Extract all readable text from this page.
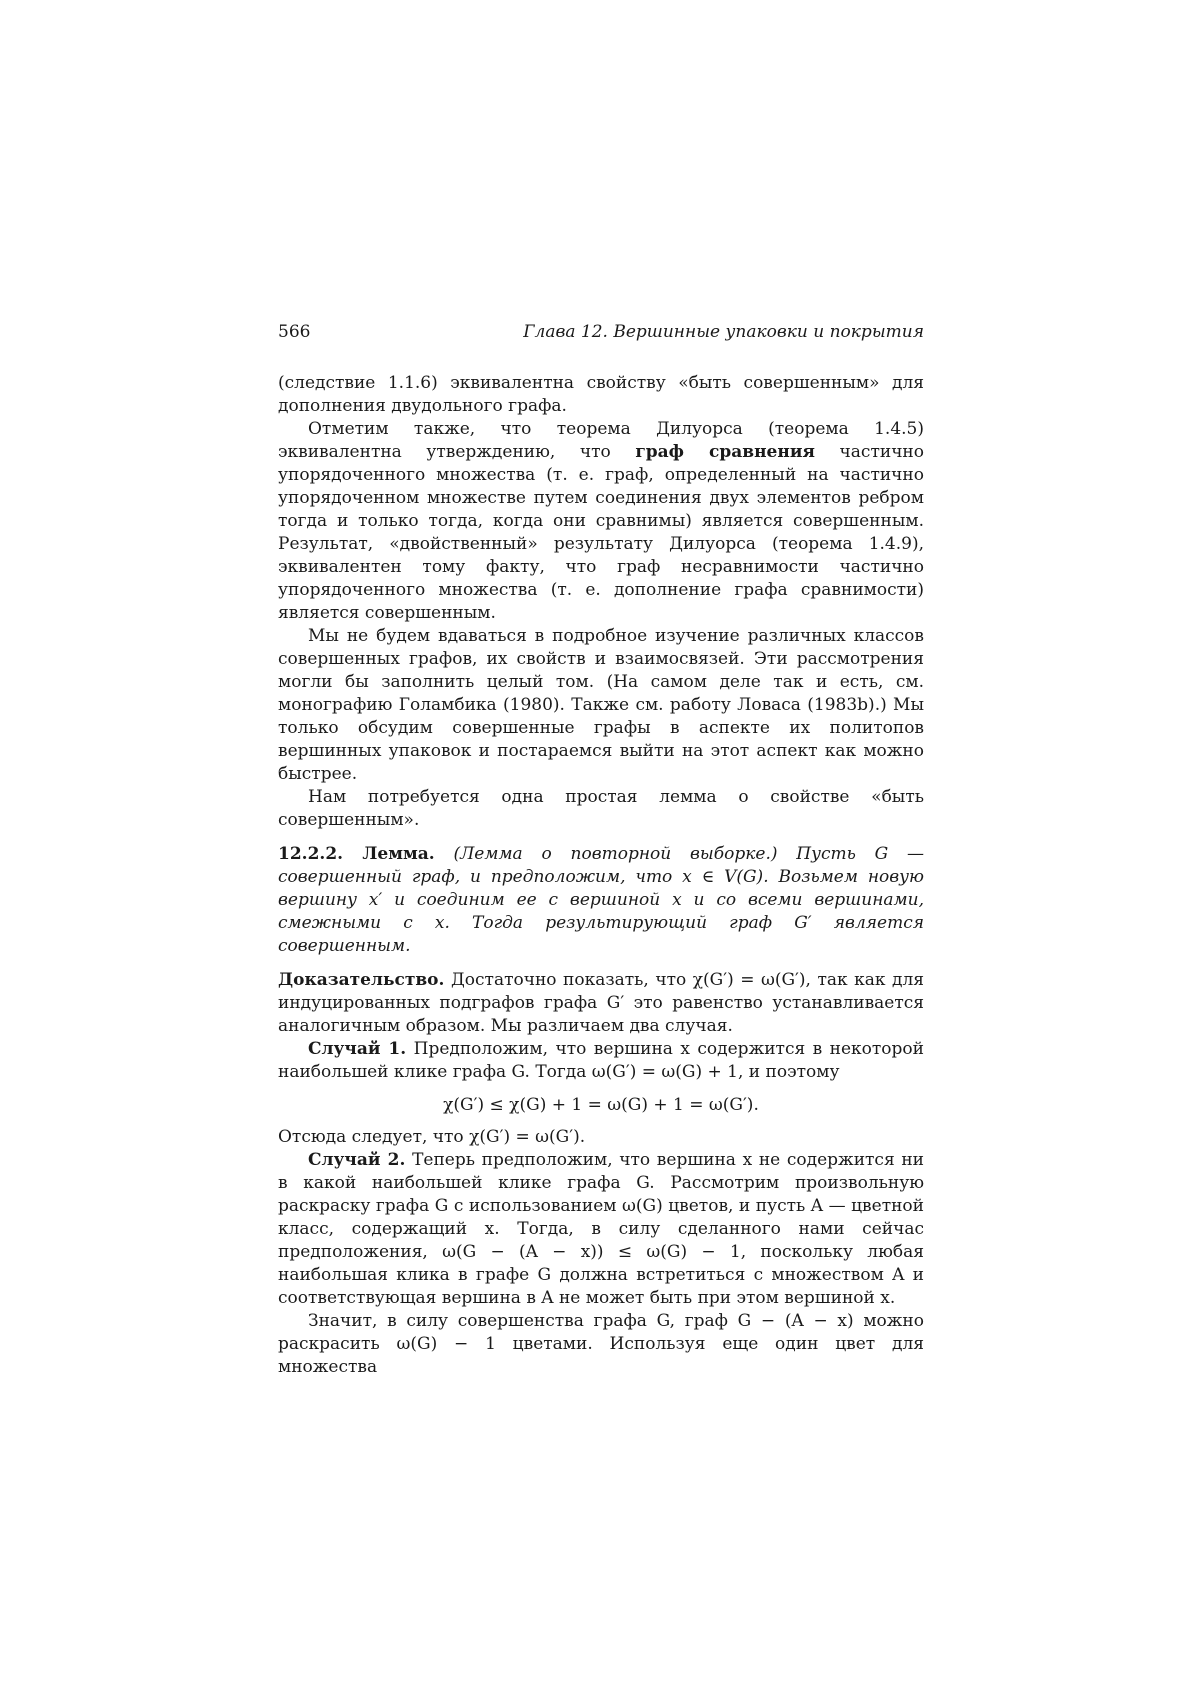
566	Глава 12. Вершинные упаковки и покрытия

(следствие 1.1.6) эквивалентна свойству «быть совершенным» для дополнения двудольного графа.

Отметим также, что теорема Дилуорса (теорема 1.4.5) эквивалентна утверждению, что граф сравнения частично упорядоченного множества (т. е. граф, определенный на частично упорядоченном множестве путем соединения двух элементов ребром тогда и только тогда, когда они сравнимы) является совершенным. Результат, «двойственный» результату Дилуорса (теорема 1.4.9), эквивалентен тому факту, что граф несравнимости частично упорядоченного множества (т. е. дополнение графа сравнимости) является совершенным.

Мы не будем вдаваться в подробное изучение различных классов совершенных графов, их свойств и взаимосвязей. Эти рассмотрения могли бы заполнить целый том. (На самом деле так и есть, см. монографию Голамбика (1980). Также см. работу Ловаса (1983b).) Мы только обсудим совершенные графы в аспекте их политопов вершинных упаковок и постараемся выйти на этот аспект как можно быстрее.

Нам потребуется одна простая лемма о свойстве «быть совершенным».

12.2.2. Лемма. (Лемма о повторной выборке.) Пусть G — совершенный граф, и предположим, что x ∈ V(G). Возьмем новую вершину x′ и соединим ее с вершиной x и со всеми вершинами, смежными с x. Тогда результирующий граф G′ является совершенным.

Доказательство. Достаточно показать, что χ(G′) = ω(G′), так как для индуцированных подграфов графа G′ это равенство устанавливается аналогичным образом. Мы различаем два случая.

Случай 1. Предположим, что вершина x содержится в некоторой наибольшей клике графа G. Тогда ω(G′) = ω(G) + 1, и поэтому

χ(G′) ≤ χ(G) + 1 = ω(G) + 1 = ω(G′).

Отсюда следует, что χ(G′) = ω(G′).

Случай 2. Теперь предположим, что вершина x не содержится ни в какой наибольшей клике графа G. Рассмотрим произвольную раскраску графа G с использованием ω(G) цветов, и пусть A — цветной класс, содержащий x. Тогда, в силу сделанного нами сейчас предположения, ω(G − (A − x)) ≤ ω(G) − 1, поскольку любая наибольшая клика в графе G должна встретиться с множеством A и соответствующая вершина в A не может быть при этом вершиной x.

Значит, в силу совершенства графа G, граф G − (A − x) можно раскрасить ω(G) − 1 цветами. Используя еще один цвет для множества
